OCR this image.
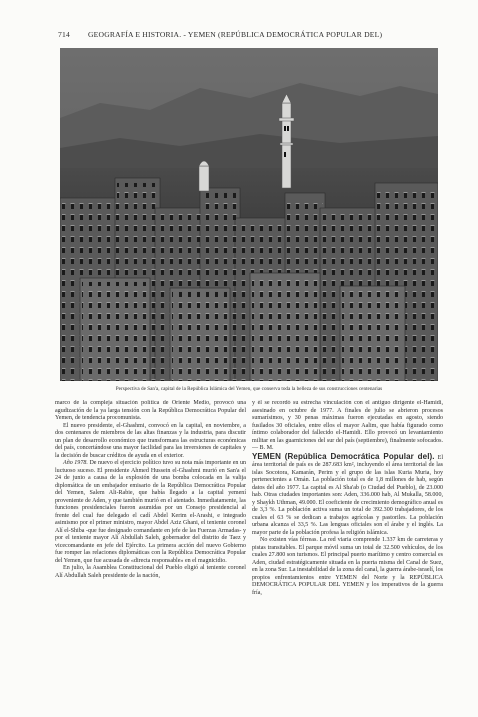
714 GEOGRAFÍA E HISTORIA. - YEMEN (REPÚBLICA DEMOCRÁTICA POPULAR DEL)
Perspectiva de San'a, capital de la República Islámica del Yemen, que conserva toda la belleza de sus construcciones centenarias

marco de la compleja situación política de Oriente Medio, provocó una agudización de la ya larga tensión con la República Democrática Popular del Yemen, de tendencia procomunista.

El nuevo presidente, el-Ghashmi, convocó en la capital, en noviembre, a dos centenares de miembros de las altas finanzas y la industria, para discutir un plan de desarrollo económico que transformara las estructuras económicas del país, concertándose una mayor facilidad para las inversiones de capitales y la decisión de buscar créditos de ayuda en el exterior.

Año 1978. De nuevo el ejercicio político tuvo su nota más importante en un luctuoso suceso. El presidente Ahmed Hussein el-Ghashmi murió en San'a el 24 de junio a causa de la explosión de una bomba colocada en la valija diplomática de un embajador emisario de la República Democrática Popular del Yemen, Salem Ali-Rabie, que había llegado a la capital yemení proveniente de Aden, y que también murió en el atentado. Inmediatamente, las funciones presidenciales fueron asumidas por un Consejo presidencial al frente del cual fue delegado el cadí Abdel Kerim el-Arashi, e integrado asimismo por el primer ministro, mayor Abdel Aziz Ghani, el teniente coronel Alí el-Shiba -que fue designado comandante en jefe de las Fuerzas Armadas- y por el teniente mayor Alí Abdullah Saleh, gobernador del distrito de Taez y vicecomandante en jefe del Ejército. La primera acción del nuevo Gobierno fue romper las relaciones diplomáticas con la República Democrática Popular del Yemen, que fue acusada de «directa responsable» en el magnicidio.

En julio, la Asamblea Constitucional del Pueblo eligió al teniente coronel Alí Abdullah Saleh presidente de la nación,

y él se recordó su estrecha vinculación con el antiguo dirigente el-Hamidi, asesinado en octubre de 1977. A finales de julio se abrieron procesos sumarísimos, y 30 penas máximas fueron ejecutadas en agosto, siendo fusilados 30 oficiales, entre ellos el mayor Aalim, que había figurado como íntimo colaborador del fallecido el-Hamidi. Ello provocó un levantamiento militar en las guarniciones del sur del país (septiembre), finalmente sofocados. — B. M.

YEMEN (República Democrática Popular del). El área territorial de país es de 287.683 km², incluyendo el área territorial de las islas Socotora, Kamarán, Perim y el grupo de las islas Kuria Muria, hoy pertenecientes a Omán. La población total es de 1,8 millones de hab, según datos del año 1977. La capital es Al Sha'ab (o Ciudad del Pueblo), de 23.000 hab. Otras ciudades importantes son: Aden, 336.000 hab, Al Mukalla, 58.000, y Shaykh Uthman, 49.000. El coeficiente de crecimiento demográfico anual es de 3,3 %. La población activa suma un total de 392.300 trabajadores, de los cuales el 63 % se dedican a trabajos agrícolas y pastoriles. La población urbana alcanza el 33,5 %. Las lenguas oficiales son el árabe y el inglés. La mayor parte de la población profesa la religión islámica.

No existen vías férreas. La red viaria comprende 1.337 km de carreteras y pistas transitables. El parque móvil suma un total de 32.500 vehículos, de los cuales 27.800 son turismos. El principal puerto marítimo y centro comercial es Aden, ciudad estratégicamente situada en la puerta misma del Canal de Suez, en la zona Sur. La inestabilidad de la zona del canal, la guerra árabe-israelí, los propios enfrentamientos entre YEMEN del Norte y la REPÚBLICA DEMOCRÁTICA POPULAR DEL YEMEN y los imperativos de la guerra fría,
